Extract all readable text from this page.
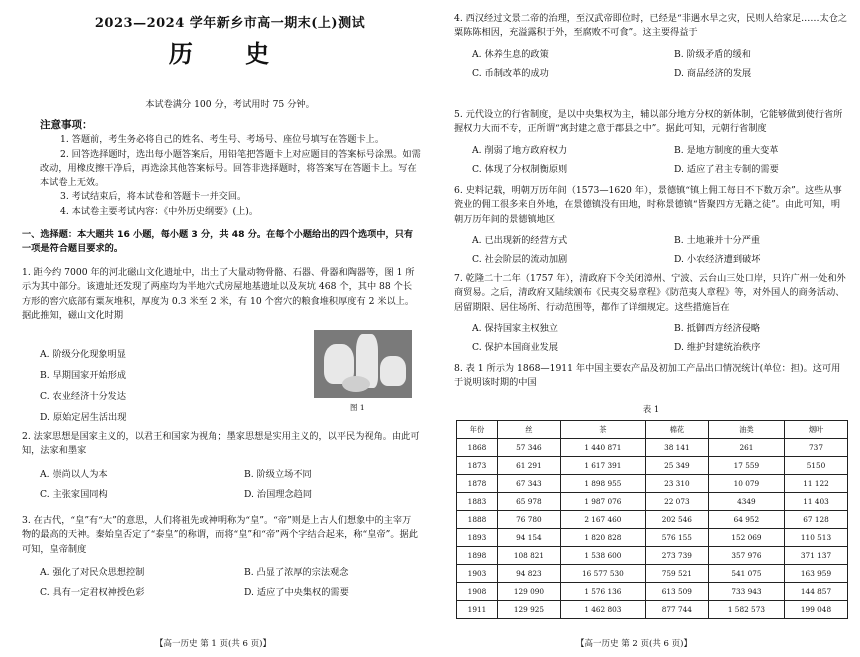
2023—2024 学年新乡市高一期末(上)测试
历 史
本试卷满分 100 分，考试用时 75 分钟。
注意事项：

1. 答题前，考生务必将自己的姓名、考生号、考场号、座位号填写在答题卡上。

2. 回答选择题时，选出每小题答案后，用铅笔把答题卡上对应题目的答案标号涂黑。如需改动，用橡皮擦干净后，再选涂其他答案标号。回答非选择题时，将答案写在答题卡上。写在本试卷上无效。

3. 考试结束后，将本试卷和答题卡一并交回。

4. 本试卷主要考试内容：《中外历史纲要》(上)。

一、选择题：本大题共 16 小题，每小题 3 分，共 48 分。在每个小题给出的四个选项中，只有一项是符合题目要求的。

1. 距今约 7000 年的河北磁山文化遗址中，出土了大量动物骨骼、石器、骨器和陶器等，图 1 所示为其中部分。该遗址还发现了两座均为半地穴式房屋地基遗址以及灰坑 468 个，其中 88 个长方形的窖穴底部有粟灰堆积，厚度为 0.3 米至 2 米，有 10 个窖穴的粮食堆积厚度有 2 米以上。据此推知，磁山文化时期

A. 阶级分化现象明显
B. 早期国家开始形成
C. 农业经济十分发达
D. 原始定居生活出现
图 1

2. 法家思想是国家主义的，以君王和国家为视角；墨家思想是实用主义的，以平民为视角。由此可知，法家和墨家

A. 崇尚以人为本	B. 阶级立场不同
C. 主张家国同构	D. 治国理念趋同

3. 在古代，“皇”有“大”的意思，人们将祖先或神明称为“皇”。“帝”则是上古人们想象中的主宰万物的最高的天神。秦始皇否定了“泰皇”的称谓，而将“皇”和“帝”两个字结合起来，称“皇帝”。据此可知，皇帝制度

A. 强化了对民众思想控制	B. 凸显了浓厚的宗法观念
C. 具有一定君权神授色彩	D. 适应了中央集权的需要
【高一历史 第 1 页(共 6 页)】

4. 西汉经过文景二帝的治理，至汉武帝即位时，已经是“非遇水旱之灾，民则人给家足……太仓之粟陈陈相因，充溢露积于外，至腐败不可食”。这主要得益于

A. 休养生息的政策	B. 阶级矛盾的缓和
C. 币制改革的成功	D. 商品经济的发展

5. 元代设立的行省制度，是以中央集权为主，辅以部分地方分权的新体制，它能够做到使行省所握权力大而不专，正所谓“寓封建之意于郡县之中”。据此可知，元朝行省制度

A. 削弱了地方政府权力	B. 是地方制度的重大变革
C. 体现了分权制衡原则	D. 适应了君主专制的需要

6. 史料记载，明朝万历年间（1573—1620 年），景德镇“镇上佣工每日不下数万余”。这些从事瓷业的佣工很多来自外地，在景德镇没有田地，时称景德镇“皆聚四方无籍之徒”。由此可知，明朝万历年间的景德镇地区

A. 已出现新的经营方式	B. 土地兼并十分严重
C. 社会阶层的流动加剧	D. 小农经济遭到破坏

7. 乾隆二十二年（1757 年），清政府下令关闭漳州、宁波、云台山三处口岸，只许广州一处和外商贸易。之后，清政府又陆续颁布《民夷交易章程》《防范夷人章程》等，对外国人的商务活动、居留期限、居住场所、行动范围等，都作了详细规定。这些措施旨在

A. 保持国家主权独立	B. 抵御西方经济侵略
C. 保护本国商业发展	D. 维护封建统治秩序

8. 表 1 所示为 1868—1911 年中国主要农产品及初加工产品出口情况统计(单位：担)。这可用于说明该时期的中国

表 1
年份	丝	茶	棉花	油类	烟叶
1868	57 346	1 440 871	38 141	261	737
1873	61 291	1 617 391	25 349	17 559	5150
1878	67 343	1 898 955	23 310	10 079	11 122
1883	65 978	1 987 076	22 073	4349	11 403
1888	76 780	2 167 460	202 546	64 952	67 128
1893	94 154	1 820 828	576 155	152 069	110 513
1898	108 821	1 538 600	273 739	357 976	371 137
1903	94 823	16 577 530	759 521	541 075	163 959
1908	129 090	1 576 136	613 509	733 943	144 857
1911	129 925	1 462 803	877 744	1 582 573	199 048
【高一历史 第 2 页(共 6 页)】
